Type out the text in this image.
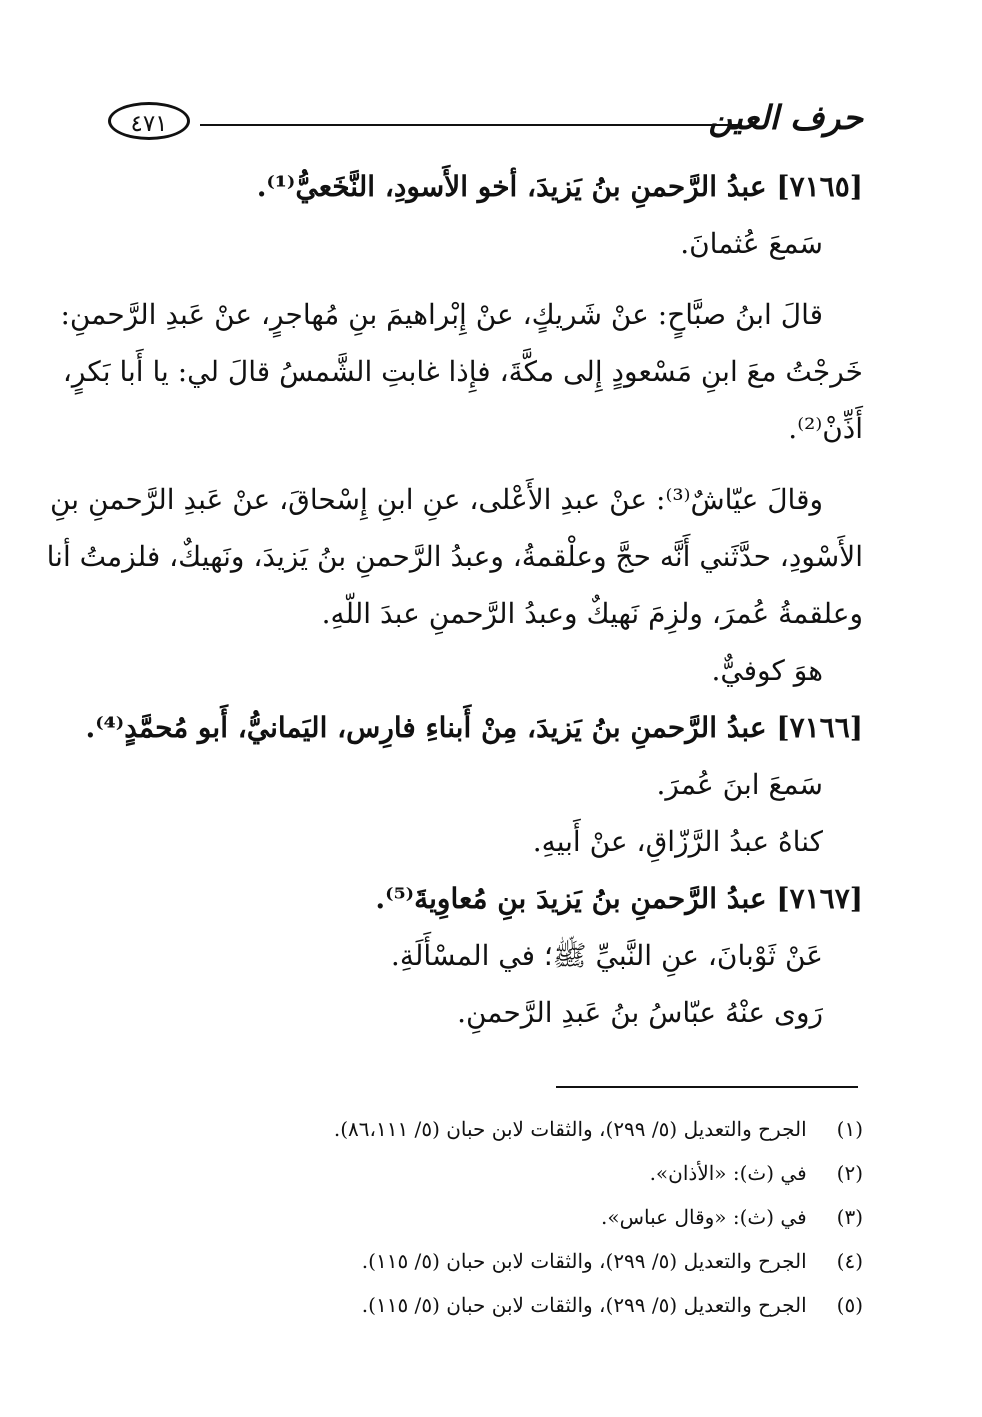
حرف العين
٤٧١
[٧١٦٥] عبدُ الرَّحمنِ بنُ يَزيدَ، أخو الأَسودِ، النَّخَعيُّ⁽¹⁾.
سَمعَ عُثمانَ.
قالَ ابنُ صبَّاحٍ: عنْ شَريكٍ، عنْ إِبْراهيمَ بنِ مُهاجرٍ، عنْ عَبدِ الرَّحمنِ:
خَرجْتُ معَ ابنِ مَسْعودٍ إِلى مكَّةَ، فإِذا غابتِ الشَّمسُ قالَ لي: يا أَبا بَكرٍ،
أَذِّنْ⁽²⁾.
وقالَ عيّاشٌ⁽³⁾: عنْ عبدِ الأَعْلى، عنِ ابنِ إِسْحاقَ، عنْ عَبدِ الرَّحمنِ بنِ
الأَسْودِ، حدَّثَني أَنَّه حجَّ وعلْقمةُ، وعبدُ الرَّحمنِ بنُ يَزيدَ، ونَهيكٌ، فلزمتُ أنا
وعلقمةُ عُمرَ، ولزِمَ نَهيكٌ وعبدُ الرَّحمنِ عبدَ اللّهِ.
هوَ كوفيٌّ.
[٧١٦٦] عبدُ الرَّحمنِ بنُ يَزيدَ، مِنْ أَبناءِ فارِس، اليَمانيُّ، أَبو مُحمَّدٍ⁽⁴⁾.
سَمعَ ابنَ عُمرَ.
كناهُ عبدُ الرَّزّاقِ، عنْ أَبيهِ.
[٧١٦٧] عبدُ الرَّحمنِ بنُ يَزيدَ بنِ مُعاوِيةَ⁽⁵⁾.
عَنْ ثَوْبانَ، عنِ النَّبيِّ ﷺ؛ في المسْأَلَةِ.
رَوى عنْهُ عبّاسُ بنُ عَبدِ الرَّحمنِ.
(١) الجرح والتعديل (٥/ ٢٩٩)، والثقات لابن حبان (٥/ ٨٦،١١١).
(٢) في (ث): «الأذان».
(٣) في (ث): «وقال عباس».
(٤) الجرح والتعديل (٥/ ٢٩٩)، والثقات لابن حبان (٥/ ١١٥).
(٥) الجرح والتعديل (٥/ ٢٩٩)، والثقات لابن حبان (٥/ ١١٥).
